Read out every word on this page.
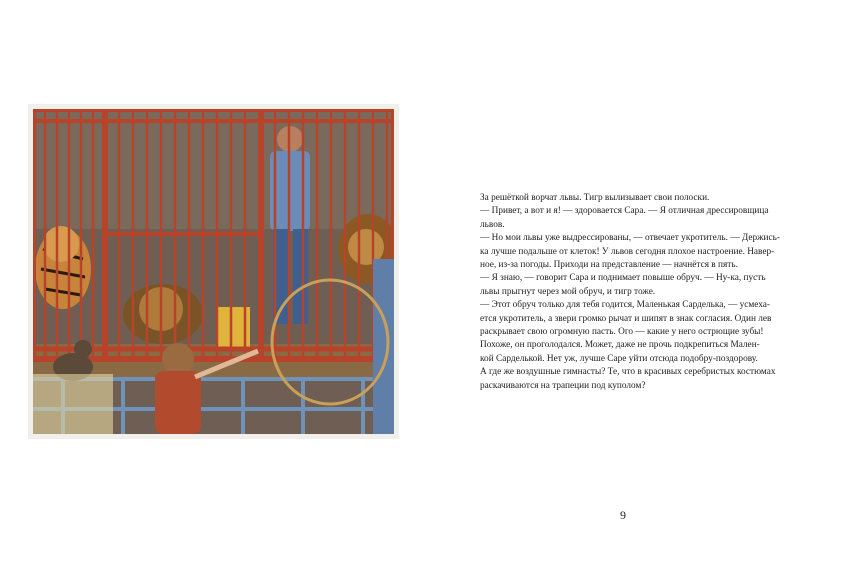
За решёткой ворчат львы. Тигр вылизывает свои полоски.

— Привет, а вот и я! — здоровается Сара. — Я отличная дрессировщица

львов.

— Но мои львы уже выдрессированы, — отвечает укротитель. — Держись-

ка лучше подальше от клеток! У львов сегодня плохое настроение. Навер-

ное, из-за погоды. Приходи на представление — начнётся в пять.

— Я знаю, — говорит Сара и поднимает повыше обруч. — Ну-ка, пусть

львы прыгнут через мой обруч, и тигр тоже.

— Этот обруч только для тебя годится, Маленькая Сарделька, — усмеха-

ется укротитель, а звери громко рычат и шипят в знак согласия. Один лев

раскрывает свою огромную пасть. Ого — какие у него острющие зубы!

Похоже, он проголодался. Может, даже не прочь подкрепиться Мален-

кой Сарделькой. Нет уж, лучше Саре уйти отсюда подобру-поздорову.

А где же воздушные гимнасты? Те, что в красивых серебристых костюмах

раскачиваются на трапеции под куполом?

9
